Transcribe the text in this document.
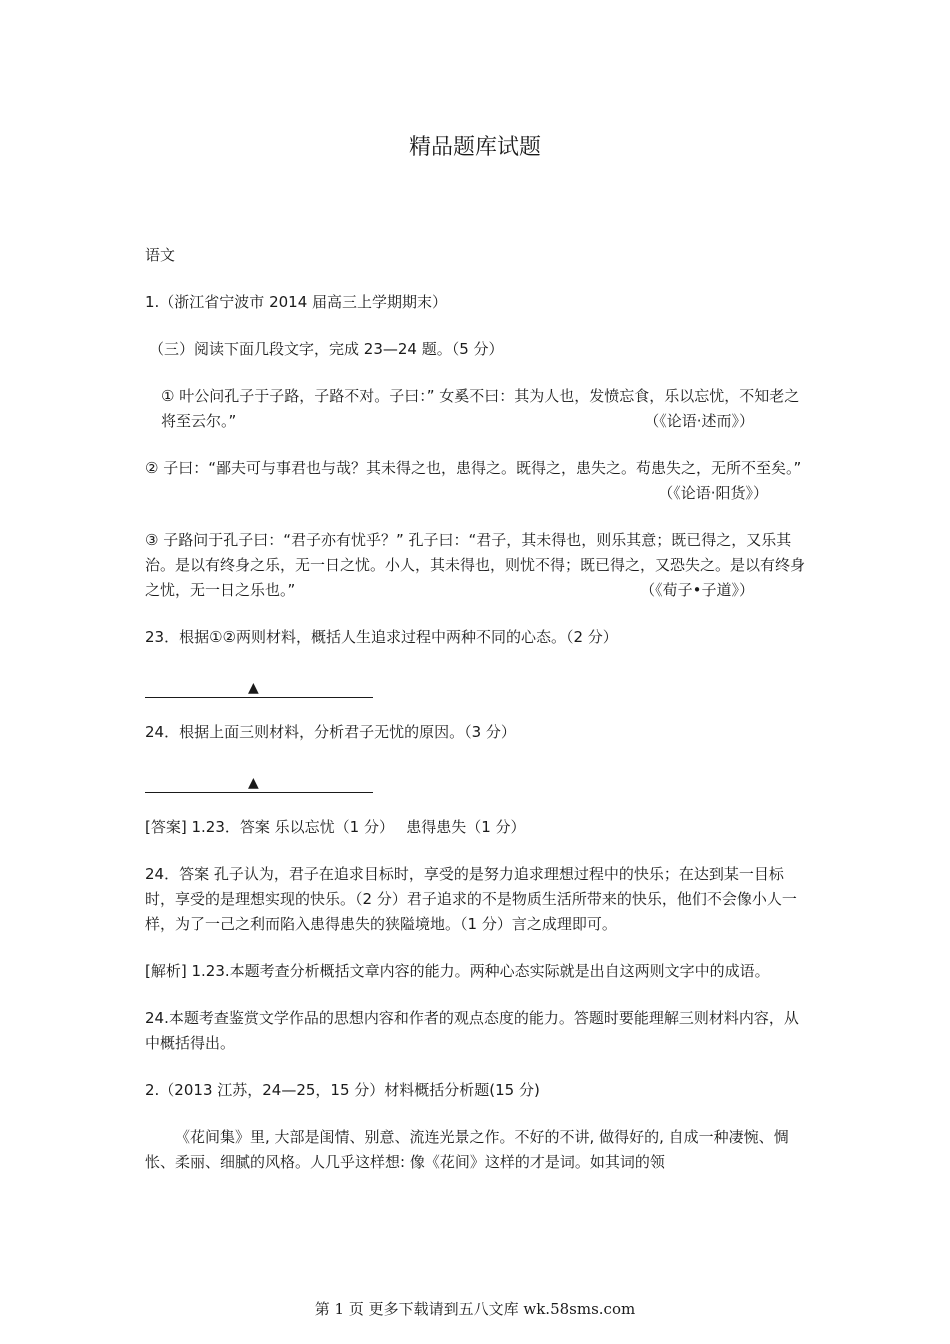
精品题库试题

语文

1.（浙江省宁波市 2014 届高三上学期期末）

（三）阅读下面几段文字，完成 23—24 题。（5 分）

① 叶公问孔子于子路，子路不对。子曰：” 女奚不曰：其为人也，发愤忘食，乐以忘忧，不知老之将至云尔。”	（《论语·述而》）
② 子曰：“鄙夫可与事君也与哉？其未得之也，患得之。既得之，患失之。苟患失之，无所不至矣。”
（《论语·阳货》）
③ 子路问于孔子曰：“君子亦有忧乎？” 孔子曰：“君子，其未得也，则乐其意；既已得之，又乐其治。是以有终身之乐，无一日之忧。小人，其未得也，则忧不得；既已得之，又恐失之。是以有终身之忧，无一日之乐也。”	（《荀子•子道》）

23．根据①②两则材料，概括人生追求过程中两种不同的心态。（2 分）

▲

24．根据上面三则材料，分析君子无忧的原因。（3 分）

▲

[答案] 1.23．答案 乐以忘忧（1 分）　 患得患失（1 分）

24．答案 孔子认为，君子在追求目标时，享受的是努力追求理想过程中的快乐；在达到某一目标时，享受的是理想实现的快乐。（2 分）君子追求的不是物质生活所带来的快乐，他们不会像小人一样，为了一己之利而陷入患得患失的狭隘境地。（1 分）言之成理即可。

[解析] 1.23.本题考查分析概括文章内容的能力。两种心态实际就是出自这两则文字中的成语。

24.本题考查鉴赏文学作品的思想内容和作者的观点态度的能力。答题时要能理解三则材料内容，从中概括得出。

2.（2013 江苏，24—25，15 分）材料概括分析题(15 分)

《花间集》里, 大部是闺情、别意、流连光景之作。不好的不讲, 做得好的, 自成一种凄惋、惆怅、柔丽、细腻的风格。人几乎这样想: 像《花间》这样的才是词。如其词的领

第 1 页 更多下载请到五八文库 wk.58sms.com
